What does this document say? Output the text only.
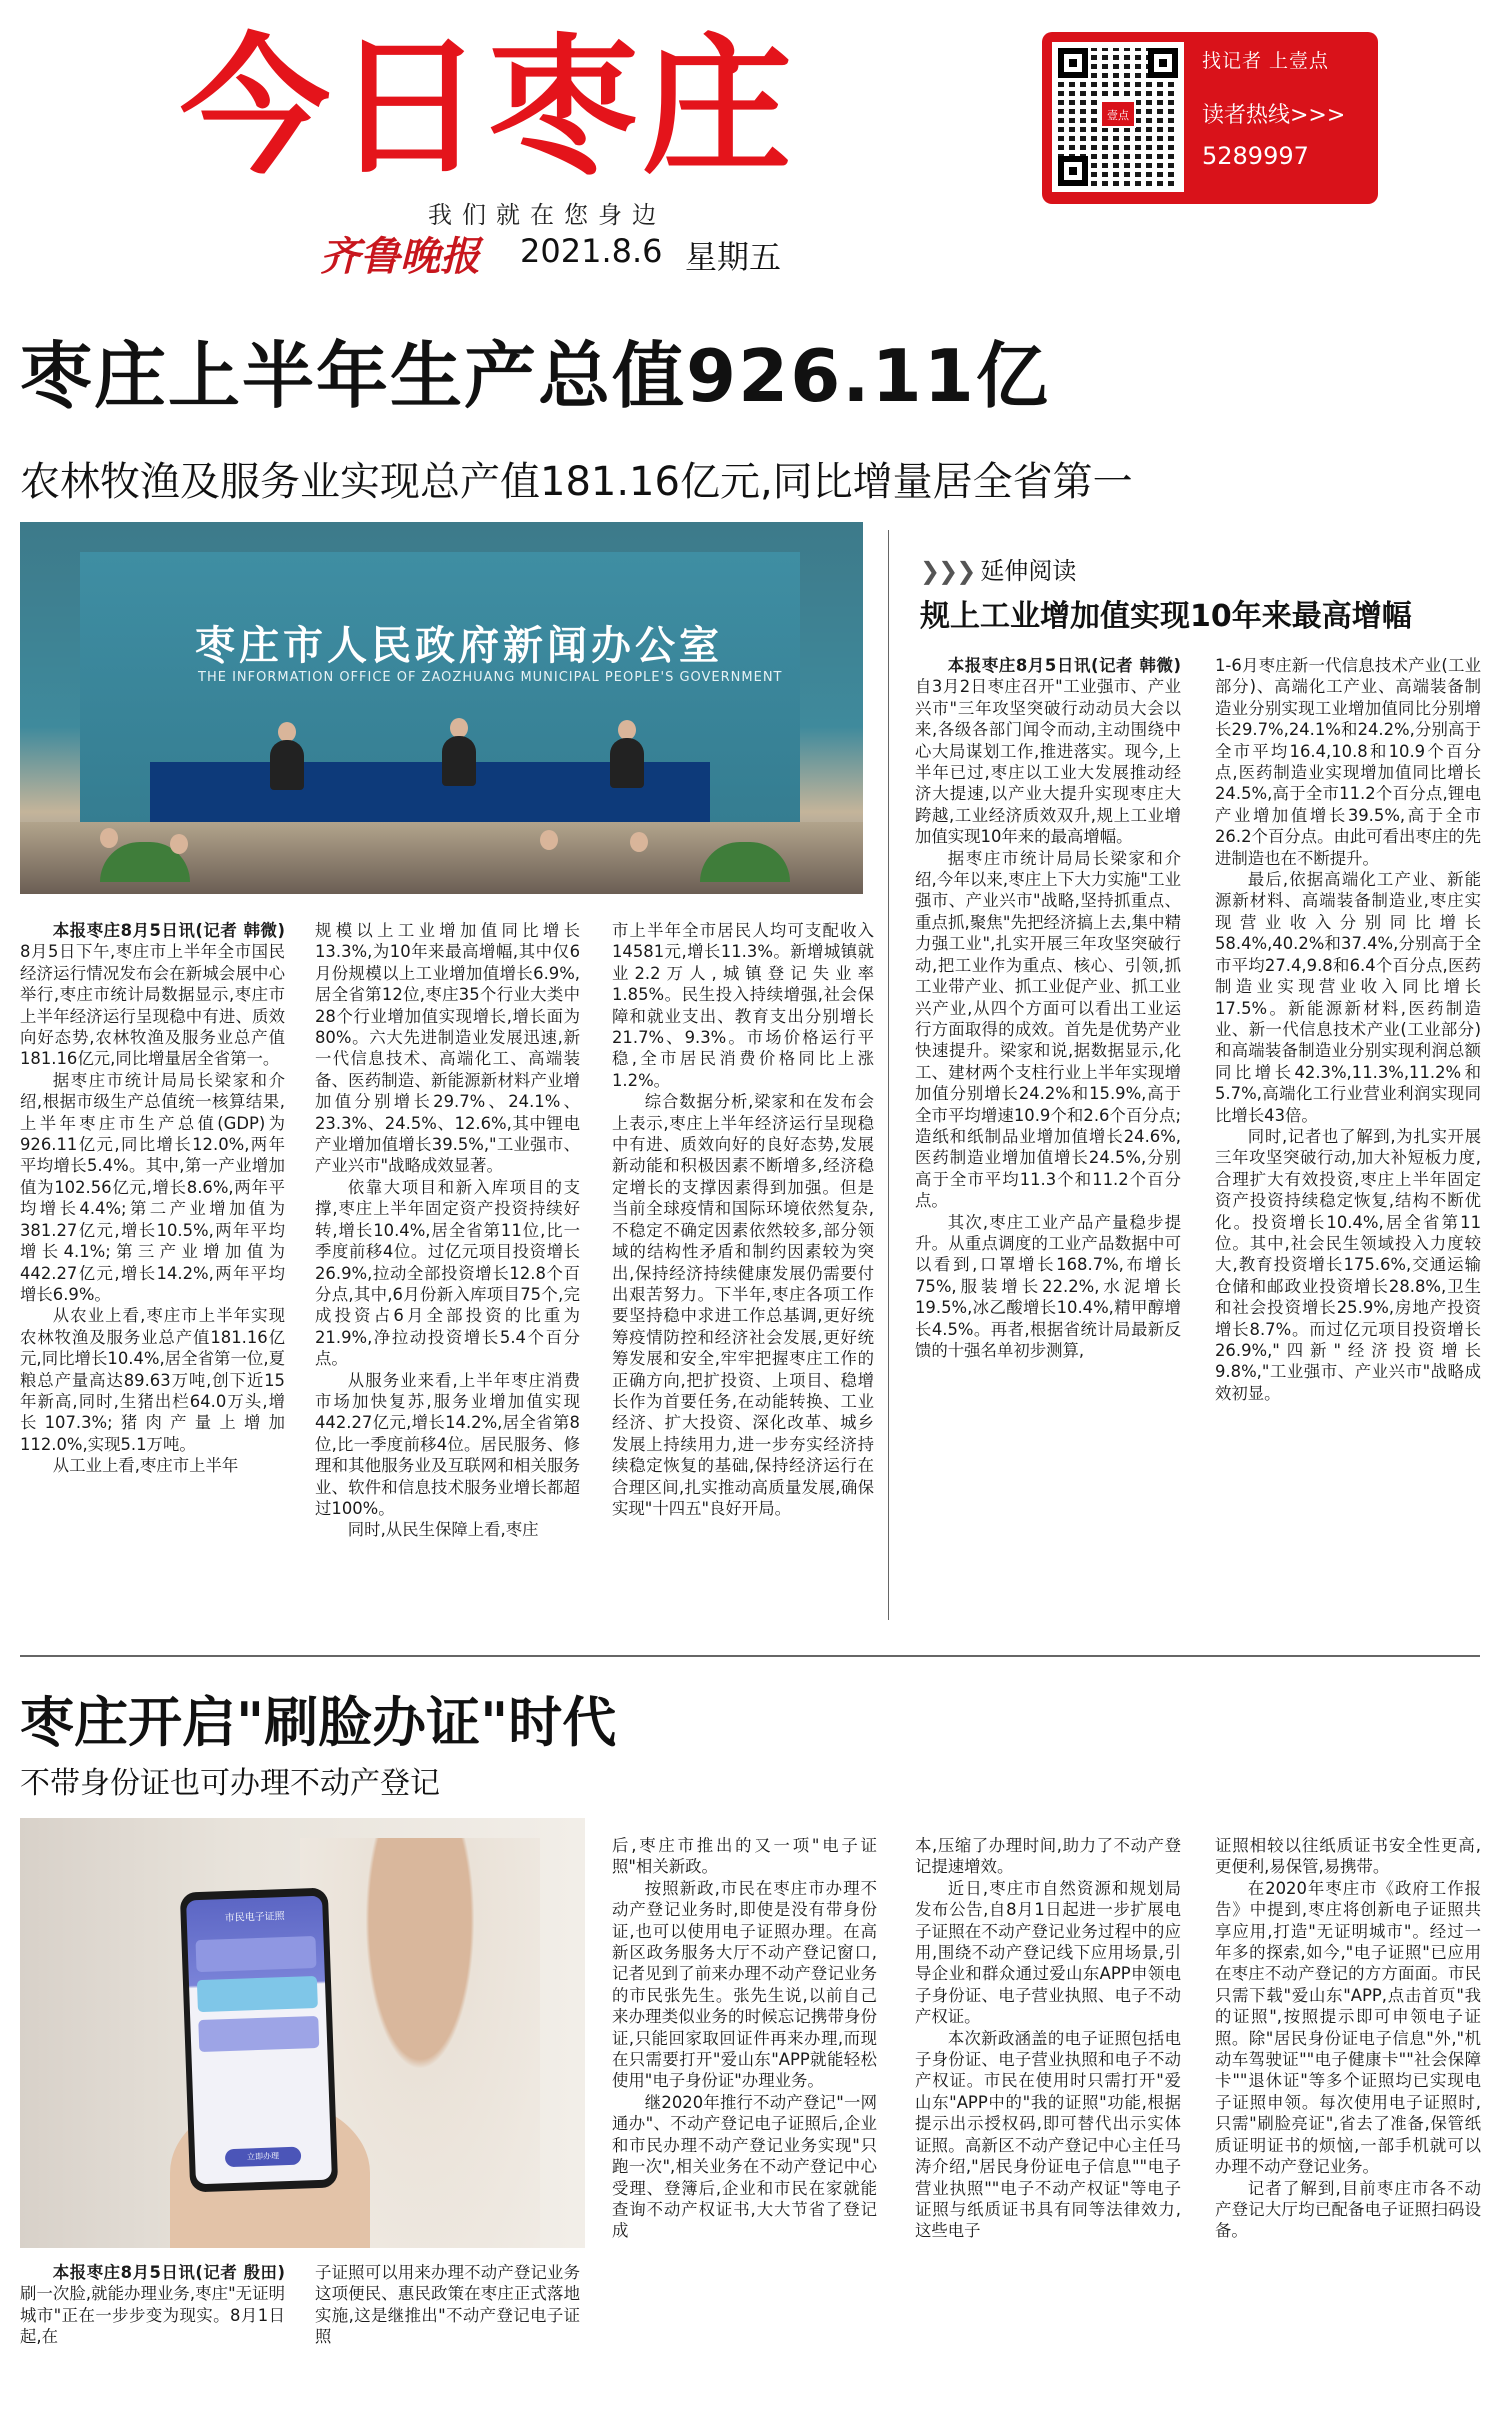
今日枣庄
我们就在您身边
齐鲁晚报 2021.8.6 星期五
壹点
找记者 上壹点
读者热线>>>
5289997
枣庄上半年生产总值926.11亿
农林牧渔及服务业实现总产值181.16亿元,同比增量居全省第一
枣庄市人民政府新闻办公室
THE INFORMATION OFFICE OF ZAOZHUANG MUNICIPAL PEOPLE'S GOVERNMENT

本报枣庄8月5日讯(记者 韩微) 8月5日下午,枣庄市上半年全市国民经济运行情况发布会在新城会展中心举行,枣庄市统计局数据显示,枣庄市上半年经济运行呈现稳中有进、质效向好态势,农林牧渔及服务业总产值181.16亿元,同比增量居全省第一。

据枣庄市统计局局长梁家和介绍,根据市级生产总值统一核算结果,上半年枣庄市生产总值(GDP)为926.11亿元,同比增长12.0%,两年平均增长5.4%。其中,第一产业增加值为102.56亿元,增长8.6%,两年平均增长4.4%;第二产业增加值为381.27亿元,增长10.5%,两年平均增长4.1%;第三产业增加值为442.27亿元,增长14.2%,两年平均增长6.9%。

从农业上看,枣庄市上半年实现农林牧渔及服务业总产值181.16亿元,同比增长10.4%,居全省第一位,夏粮总产量高达89.63万吨,创下近15年新高,同时,生猪出栏64.0万头,增长107.3%;猪肉产量上增加112.0%,实现5.1万吨。

从工业上看,枣庄市上半年

规模以上工业增加值同比增长13.3%,为10年来最高增幅,其中仅6月份规模以上工业增加值增长6.9%,居全省第12位,枣庄35个行业大类中28个行业增加值实现增长,增长面为80%。六大先进制造业发展迅速,新一代信息技术、高端化工、高端装备、医药制造、新能源新材料产业增加值分别增长29.7%、24.1%、23.3%、24.5%、12.6%,其中锂电产业增加值增长39.5%,"工业强市、产业兴市"战略成效显著。

依靠大项目和新入库项目的支撑,枣庄上半年固定资产投资持续好转,增长10.4%,居全省第11位,比一季度前移4位。过亿元项目投资增长26.9%,拉动全部投资增长12.8个百分点,其中,6月份新入库项目75个,完成投资占6月全部投资的比重为21.9%,净拉动投资增长5.4个百分点。

从服务业来看,上半年枣庄消费市场加快复苏,服务业增加值实现442.27亿元,增长14.2%,居全省第8位,比一季度前移4位。居民服务、修理和其他服务业及互联网和相关服务业、软件和信息技术服务业增长都超过100%。

同时,从民生保障上看,枣庄

市上半年全市居民人均可支配收入14581元,增长11.3%。新增城镇就业2.2万人,城镇登记失业率1.85%。民生投入持续增强,社会保障和就业支出、教育支出分别增长21.7%、9.3%。市场价格运行平稳,全市居民消费价格同比上涨1.2%。

综合数据分析,梁家和在发布会上表示,枣庄上半年经济运行呈现稳中有进、质效向好的良好态势,发展新动能和积极因素不断增多,经济稳定增长的支撑因素得到加强。但是当前全球疫情和国际环境依然复杂,不稳定不确定因素依然较多,部分领域的结构性矛盾和制约因素较为突出,保持经济持续健康发展仍需要付出艰苦努力。下半年,枣庄各项工作要坚持稳中求进工作总基调,更好统筹疫情防控和经济社会发展,更好统筹发展和安全,牢牢把握枣庄工作的正确方向,把扩投资、上项目、稳增长作为首要任务,在动能转换、工业经济、扩大投资、深化改革、城乡发展上持续用力,进一步夯实经济持续稳定恢复的基础,保持经济运行在合理区间,扎实推动高质量发展,确保实现"十四五"良好开局。

❯❯❯ 延伸阅读
规上工业增加值实现10年来最高增幅

本报枣庄8月5日讯(记者 韩微) 自3月2日枣庄召开"工业强市、产业兴市"三年攻坚突破行动动员大会以来,各级各部门闻令而动,主动围绕中心大局谋划工作,推进落实。现今,上半年已过,枣庄以工业大发展推动经济大提速,以产业大提升实现枣庄大跨越,工业经济质效双升,规上工业增加值实现10年来的最高增幅。

据枣庄市统计局局长梁家和介绍,今年以来,枣庄上下大力实施"工业强市、产业兴市"战略,坚持抓重点、重点抓,聚焦"先把经济搞上去,集中精力强工业",扎实开展三年攻坚突破行动,把工业作为重点、核心、引领,抓工业带产业、抓工业促产业、抓工业兴产业,从四个方面可以看出工业运行方面取得的成效。首先是优势产业快速提升。梁家和说,据数据显示,化工、建材两个支柱行业上半年实现增加值分别增长24.2%和15.9%,高于全市平均增速10.9个和2.6个百分点;造纸和纸制品业增加值增长24.6%,医药制造业增加值增长24.5%,分别高于全市平均11.3个和11.2个百分点。

其次,枣庄工业产品产量稳步提升。从重点调度的工业产品数据中可以看到,口罩增长168.7%,布增长75%,服装增长22.2%,水泥增长19.5%,冰乙酸增长10.4%,精甲醇增长4.5%。再者,根据省统计局最新反馈的十强名单初步测算,

1-6月枣庄新一代信息技术产业(工业部分)、高端化工产业、高端装备制造业分别实现工业增加值同比分别增长29.7%,24.1%和24.2%,分别高于全市平均16.4,10.8和10.9个百分点,医药制造业实现增加值同比增长24.5%,高于全市11.2个百分点,锂电产业增加值增长39.5%,高于全市26.2个百分点。由此可看出枣庄的先进制造也在不断提升。

最后,依据高端化工产业、新能源新材料、高端装备制造业,枣庄实现营业收入分别同比增长58.4%,40.2%和37.4%,分别高于全市平均27.4,9.8和6.4个百分点,医药制造业实现营业收入同比增长17.5%。新能源新材料,医药制造业、新一代信息技术产业(工业部分)和高端装备制造业分别实现利润总额同比增长42.3%,11.3%,11.2%和5.7%,高端化工行业营业利润实现同比增长43倍。

同时,记者也了解到,为扎实开展三年攻坚突破行动,加大补短板力度,合理扩大有效投资,枣庄上半年固定资产投资持续稳定恢复,结构不断优化。投资增长10.4%,居全省第11位。其中,社会民生领域投入力度较大,教育投资增长175.6%,交通运输仓储和邮政业投资增长28.8%,卫生和社会投资增长25.9%,房地产投资增长8.7%。而过亿元项目投资增长26.9%,"四新"经济投资增长9.8%,"工业强市、产业兴市"战略成效初显。

枣庄开启"刷脸办证"时代
不带身份证也可办理不动产登记
市民电子证照
立即办理

本报枣庄8月5日讯(记者 殷田) 刷一次脸,就能办理业务,枣庄"无证明城市"正在一步步变为现实。8月1日起,在

子证照可以用来办理不动产登记业务这项便民、惠民政策在枣庄正式落地实施,这是继推出"不动产登记电子证照

后,枣庄市推出的又一项"电子证照"相关新政。

按照新政,市民在枣庄市办理不动产登记业务时,即使是没有带身份证,也可以使用电子证照办理。在高新区政务服务大厅不动产登记窗口,记者见到了前来办理不动产登记业务的市民张先生。张先生说,以前自己来办理类似业务的时候忘记携带身份证,只能回家取回证件再来办理,而现在只需要打开"爱山东"APP就能轻松使用"电子身份证"办理业务。

继2020年推行不动产登记"一网通办"、不动产登记电子证照后,企业和市民办理不动产登记业务实现"只跑一次",相关业务在不动产登记中心受理、登簿后,企业和市民在家就能查询不动产权证书,大大节省了登记成

本,压缩了办理时间,助力了不动产登记提速增效。

近日,枣庄市自然资源和规划局发布公告,自8月1日起进一步扩展电子证照在不动产登记业务过程中的应用,围绕不动产登记线下应用场景,引导企业和群众通过爱山东APP申领电子身份证、电子营业执照、电子不动产权证。

本次新政涵盖的电子证照包括电子身份证、电子营业执照和电子不动产权证。市民在使用时只需打开"爱山东"APP中的"我的证照"功能,根据提示出示授权码,即可替代出示实体证照。高新区不动产登记中心主任马涛介绍,"居民身份证电子信息""电子营业执照""电子不动产权证"等电子证照与纸质证书具有同等法律效力,这些电子

证照相较以往纸质证书安全性更高,更便利,易保管,易携带。

在2020年枣庄市《政府工作报告》中提到,枣庄将创新电子证照共享应用,打造"无证明城市"。经过一年多的探索,如今,"电子证照"已应用在枣庄不动产登记的方方面面。市民只需下载"爱山东"APP,点击首页"我的证照",按照提示即可申领电子证照。除"居民身份证电子信息"外,"机动车驾驶证""电子健康卡""社会保障卡""退休证"等多个证照均已实现电子证照申领。每次使用电子证照时,只需"刷脸亮证",省去了准备,保管纸质证明证书的烦恼,一部手机就可以办理不动产登记业务。

记者了解到,目前枣庄市各不动产登记大厅均已配备电子证照扫码设备。
